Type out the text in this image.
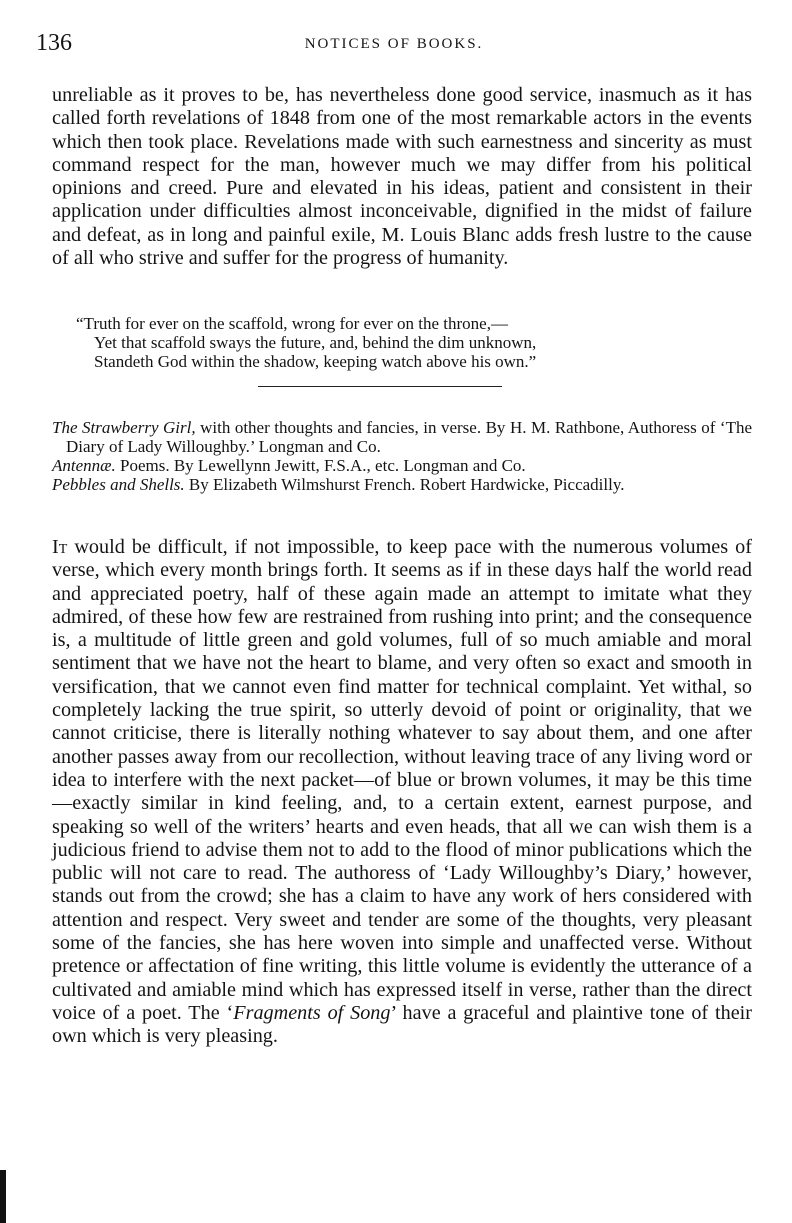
136	NOTICES OF BOOKS.

unreliable as it proves to be, has nevertheless done good service, inasmuch as it has called forth revelations of 1848 from one of the most remarkable actors in the events which then took place. Revelations made with such earnestness and sincerity as must command respect for the man, however much we may differ from his political opinions and creed. Pure and elevated in his ideas, patient and consistent in their application under difficulties almost inconceivable, dignified in the midst of failure and defeat, as in long and painful exile, M. Louis Blanc adds fresh lustre to the cause of all who strive and suffer for the progress of humanity.

“Truth for ever on the scaffold, wrong for ever on the throne,—
Yet that scaffold sways the future, and, behind the dim unknown,
Standeth God within the shadow, keeping watch above his own.”

The Strawberry Girl, with other thoughts and fancies, in verse. By H. M. Rathbone, Authoress of ‘The Diary of Lady Willoughby.’ Longman and Co.

Antennæ. Poems. By Lewellynn Jewitt, F.S.A., etc. Longman and Co.

Pebbles and Shells. By Elizabeth Wilmshurst French. Robert Hardwicke, Piccadilly.

It would be difficult, if not impossible, to keep pace with the numerous volumes of verse, which every month brings forth. It seems as if in these days half the world read and appreciated poetry, half of these again made an attempt to imitate what they admired, of these how few are restrained from rushing into print; and the consequence is, a multitude of little green and gold volumes, full of so much amiable and moral sentiment that we have not the heart to blame, and very often so exact and smooth in versification, that we cannot even find matter for technical complaint. Yet withal, so completely lacking the true spirit, so utterly devoid of point or originality, that we cannot criticise, there is literally nothing whatever to say about them, and one after another passes away from our recollection, without leaving trace of any living word or idea to interfere with the next packet—of blue or brown volumes, it may be this time—exactly similar in kind feeling, and, to a certain extent, earnest purpose, and speaking so well of the writers’ hearts and even heads, that all we can wish them is a judicious friend to advise them not to add to the flood of minor publications which the public will not care to read. The authoress of ‘Lady Willoughby’s Diary,’ however, stands out from the crowd; she has a claim to have any work of hers considered with attention and respect. Very sweet and tender are some of the thoughts, very pleasant some of the fancies, she has here woven into simple and unaffected verse. Without pretence or affectation of fine writing, this little volume is evidently the utterance of a cultivated and amiable mind which has expressed itself in verse, rather than the direct voice of a poet. The ‘Fragments of Song’ have a graceful and plaintive tone of their own which is very pleasing.
